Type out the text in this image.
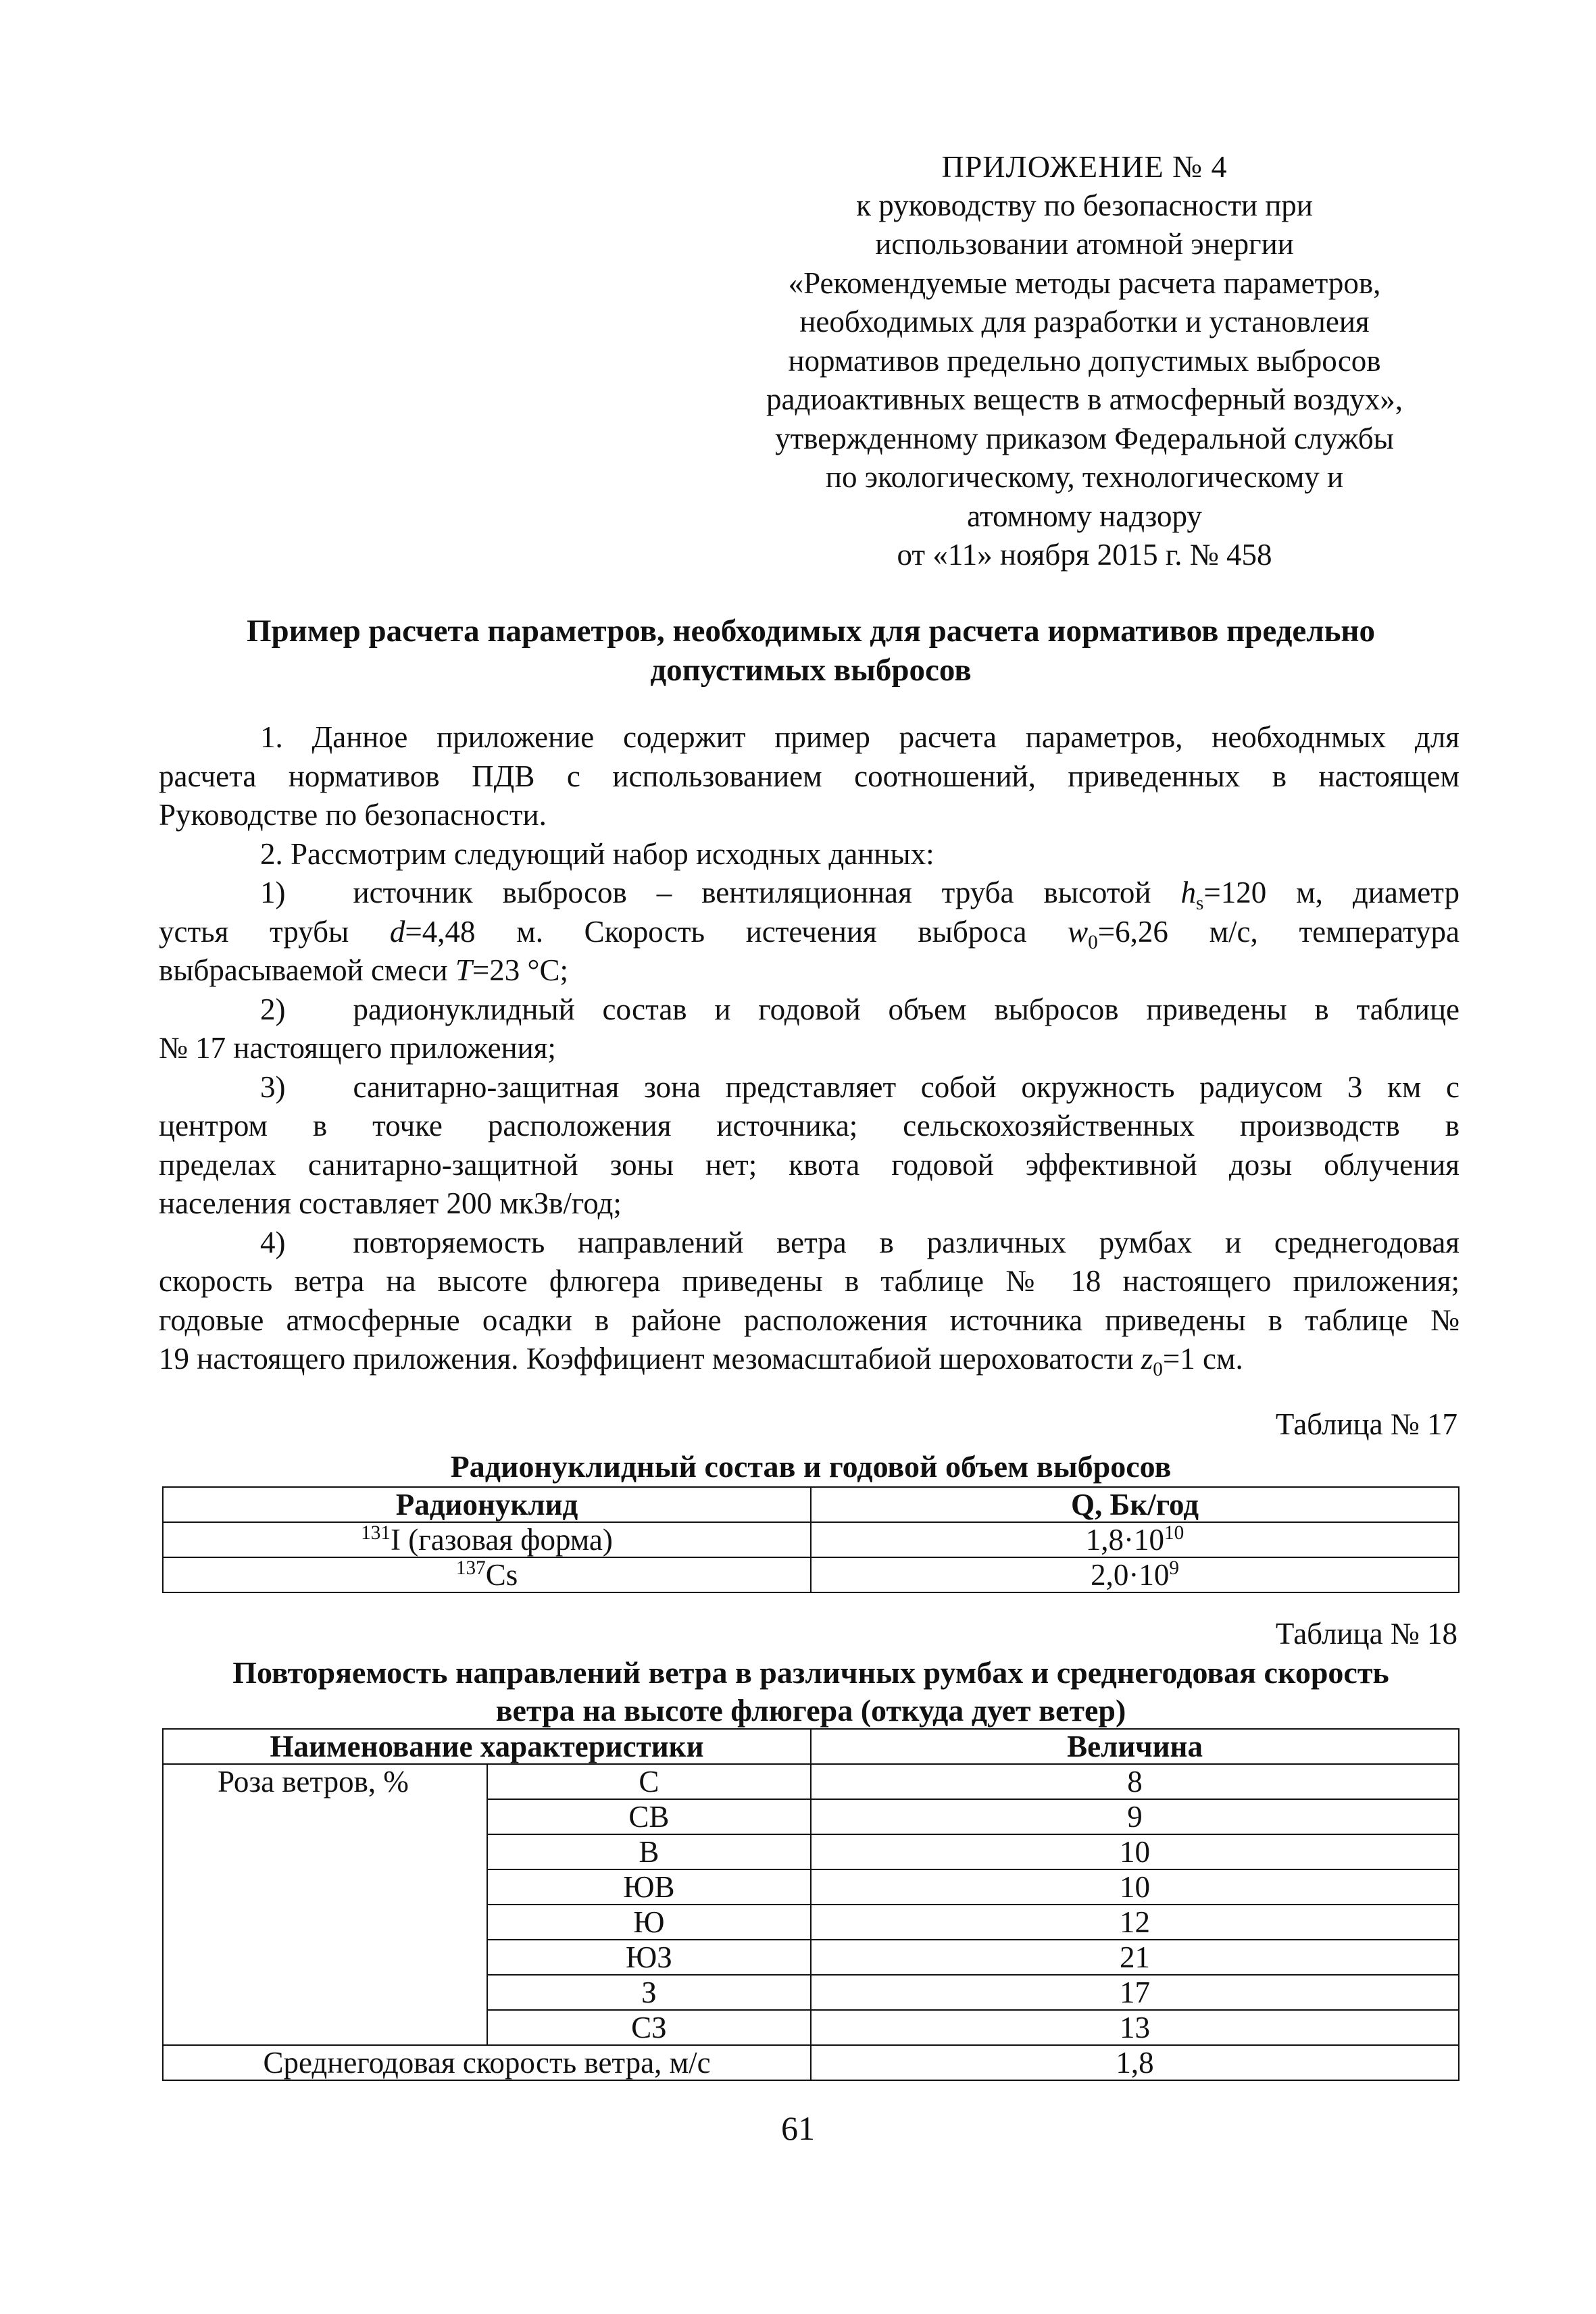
ПРИЛОЖЕНИЕ № 4
к руководству по безопасности при
использовании атомной энергии
«Рекомендуемые методы расчета параметров,
необходимых для разработки и установлеия
нормативов предельно допустимых выбросов
радиоактивных веществ в атмосферный воздух»,
утвержденному приказом Федеральной службы
по экологическому, технологическому и
атомному надзору
от «11» ноября 2015 г. № 458
Пример расчета параметров, необходимых для расчета иормативов предельно
допустимых выбросов
1. Данное приложение содержит пример расчета параметров, необходнмых для
расчета нормативов ПДВ с использованием соотношений, приведенных в настоящем
Руководстве по безопасности.
2. Рассмотрим следующий набор исходных данных:
1) источник выбросов – вентиляционная труба высотой $h_s=120$ м, диаметр
устья трубы d=4,48 м. Скорость истечения выброса $w_0=6,26$ м/с, температура
выбрасываемой смеси T=23 °C;
2) радионуклидный состав и годовой объем выбросов приведены в таблице
№ 17 настоящего приложения;
3) санитарно-защитная зона представляет собой окружность радиусом 3 км с
центром в точке расположения источника; сельскохозяйственных производств в
пределах санитарно-защитной зоны нет; квота годовой эффективной дозы облучения
населения составляет 200 мкЗв/год;
4) повторяемость направлений ветра в различных румбах и среднегодовая
скорость ветра на высоте флюгера приведены в таблице № 18 настоящего приложения;
годовые атмосферные осадки в районе расположения источника приведены в таблице №
19 настоящего приложения. Коэффициент мезомасштабиой шероховатости $z_0=1$ см.
Таблица № 17
Радионуклидный состав и годовой объем выбросов
Радионуклид	Q, Бк/год
$^{131}$I (газовая форма)	$1,8\cdot 10^{10}$
$^{137}$Cs	$2,0\cdot 10^9$
Таблица № 18
Повторяемость направлений ветра в различных румбах и среднегодовая скорость
ветра на высоте флюгера (откуда дует ветер)
Наименование характеристики		Величина
Роза ветров, %	С	8
	СВ	9
	В	10
	ЮВ	10
	Ю	12
	ЮЗ	21
	З	17
	СЗ	13
Среднегодовая скорость ветра, м/с		1,8
61
